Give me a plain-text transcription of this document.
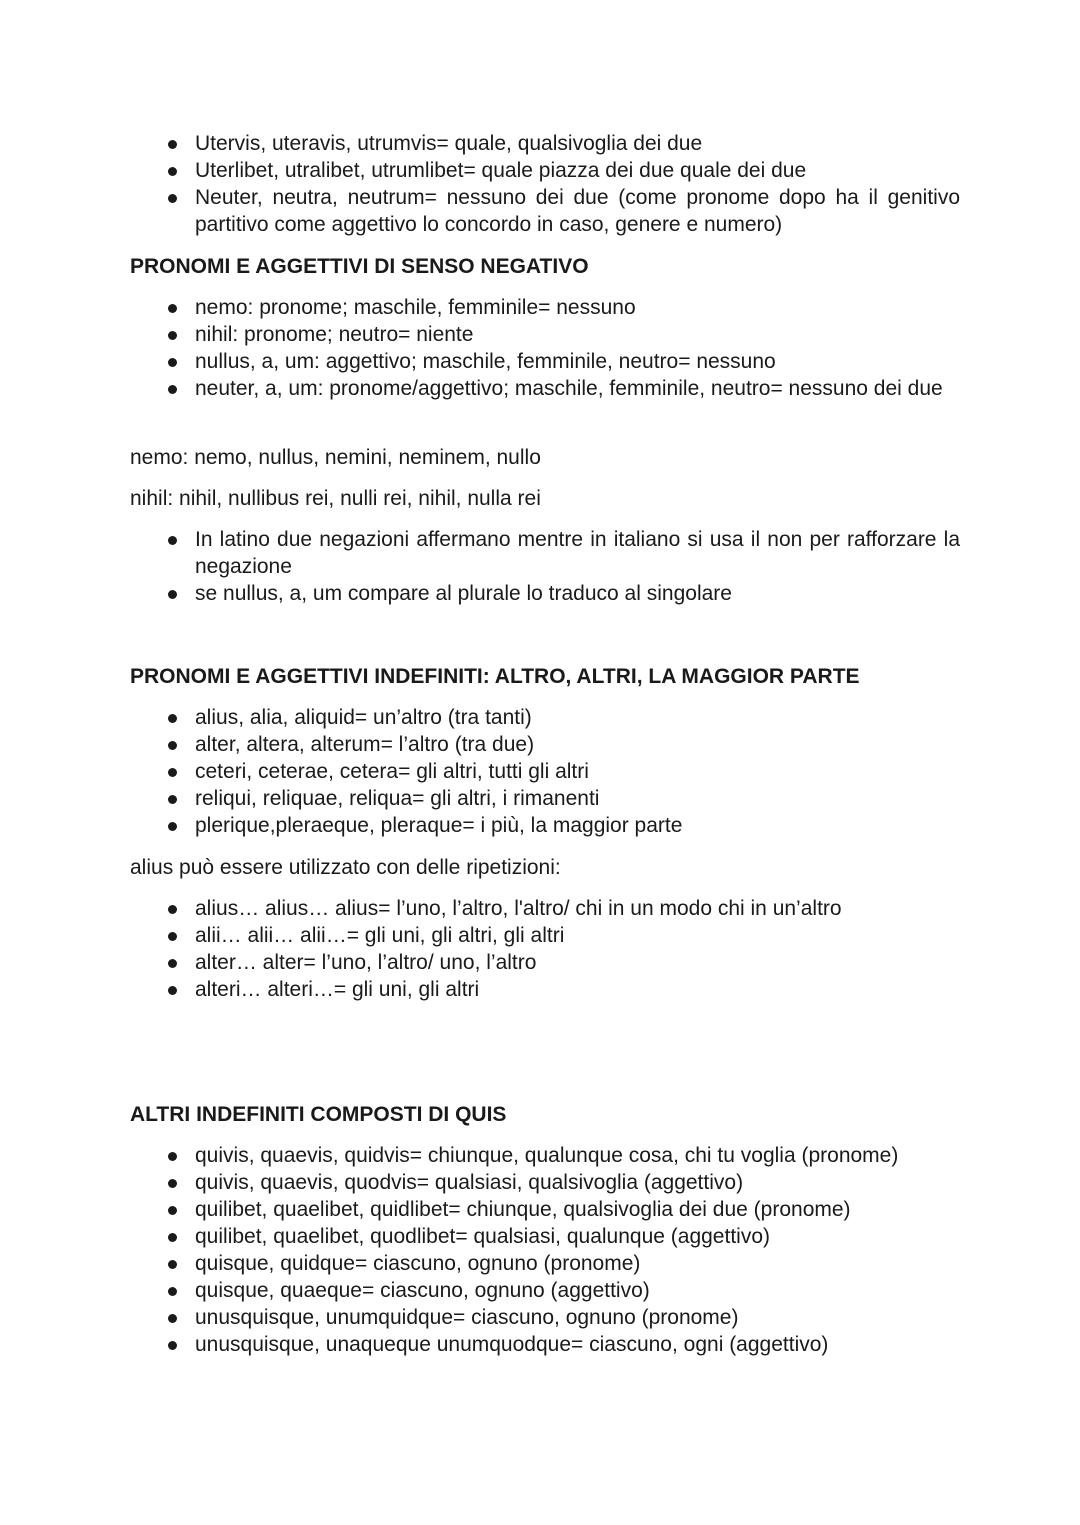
Utervis, uteravis, utrumvis= quale, qualsivoglia dei due
Uterlibet, utralibet, utrumlibet= quale piazza dei due quale dei due
Neuter, neutra, neutrum= nessuno dei due (come pronome dopo ha il genitivo partitivo come aggettivo lo concordo in caso, genere e numero)

PRONOMI E AGGETTIVI DI SENSO NEGATIVO

nemo: pronome; maschile, femminile= nessuno
nihil: pronome; neutro= niente
nullus, a, um: aggettivo; maschile, femminile, neutro= nessuno
neuter, a, um: pronome/aggettivo; maschile, femminile, neutro= nessuno dei due

nemo: nemo, nullus, nemini, neminem, nullo

nihil: nihil, nullibus rei, nulli rei, nihil, nulla rei

In latino due negazioni affermano mentre in italiano si usa il non per rafforzare la negazione
se nullus, a, um compare al plurale lo traduco al singolare

PRONOMI E AGGETTIVI INDEFINITI: ALTRO, ALTRI, LA MAGGIOR PARTE

alius, alia, aliquid= un’altro (tra tanti)
alter, altera, alterum= l’altro (tra due)
ceteri, ceterae, cetera= gli altri, tutti gli altri
reliqui, reliquae, reliqua= gli altri, i rimanenti
plerique,pleraeque, pleraque= i più, la maggior parte

alius può essere utilizzato con delle ripetizioni:

alius… alius… alius= l’uno, l’altro, l'altro/ chi in un modo chi in un’altro
alii… alii… alii…= gli uni, gli altri, gli altri
alter… alter= l’uno, l’altro/ uno, l’altro
alteri… alteri…= gli uni, gli altri

ALTRI INDEFINITI COMPOSTI DI QUIS

quivis, quaevis, quidvis= chiunque, qualunque cosa, chi tu voglia (pronome)
quivis, quaevis, quodvis= qualsiasi, qualsivoglia (aggettivo)
quilibet, quaelibet, quidlibet= chiunque, qualsivoglia dei due (pronome)
quilibet, quaelibet, quodlibet= qualsiasi, qualunque (aggettivo)
quisque, quidque= ciascuno, ognuno (pronome)
quisque, quaeque= ciascuno, ognuno (aggettivo)
unusquisque, unumquidque= ciascuno, ognuno (pronome)
unusquisque, unaqueque unumquodque= ciascuno, ogni (aggettivo)
